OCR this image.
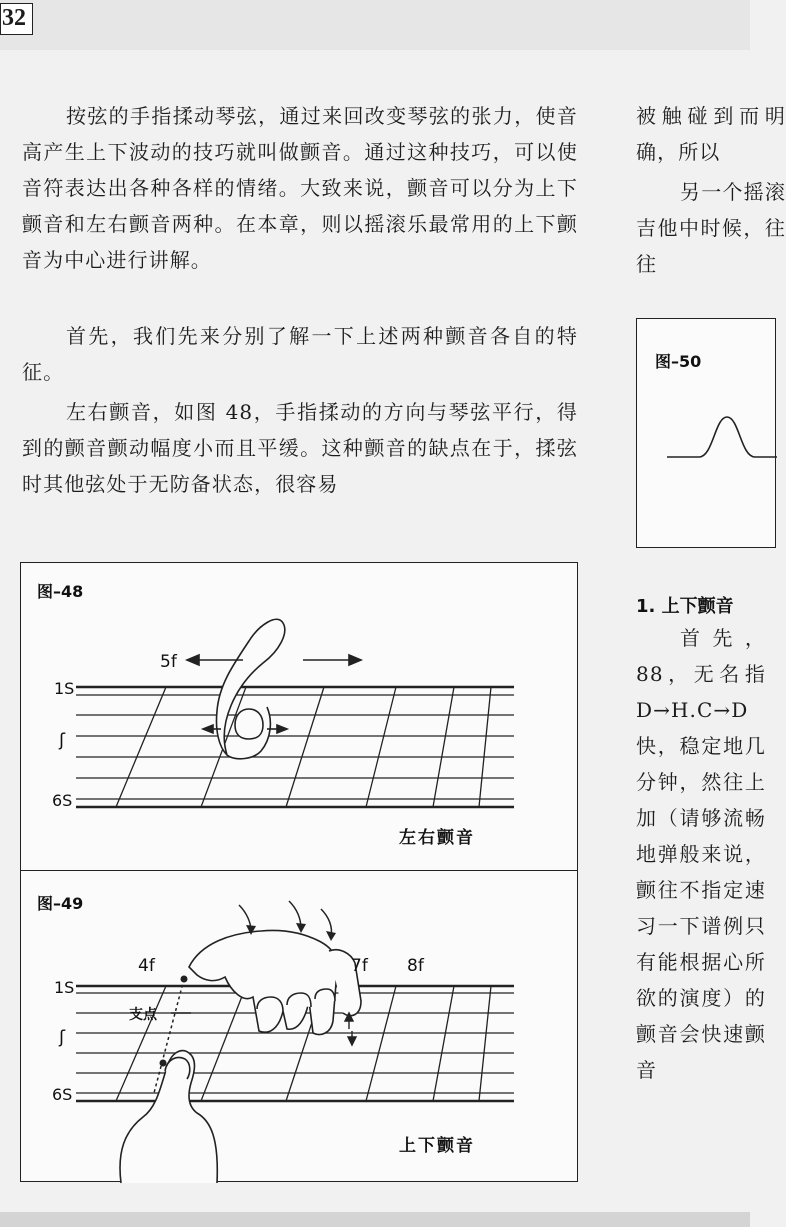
32

按弦的手指揉动琴弦，通过来回改变琴弦的张力，使音高产生上下波动的技巧就叫做颤音。通过这种技巧，可以使音符表达出各种各样的情绪。大致来说，颤音可以分为上下颤音和左右颤音两种。在本章，则以摇滚乐最常用的上下颤音为中心进行讲解。

首先，我们先来分别了解一下上述两种颤音各自的特征。

左右颤音，如图 48，手指揉动的方向与琴弦平行，得到的颤音颤动幅度小而且平缓。这种颤音的缺点在于，揉弦时其他弦处于无防备状态，很容易

被触碰到而明确，所以

另一个摇滚吉他中时候，往往

图–50
1. 上下颤音

首先，88，无名指D→H.C→D快，稳定地几分钟，然往上加（请够流畅地弹般来说，颤往不指定速习一下谱例只有能根据心所欲的演度）的颤音会快速颤音

图–48
左右颤音
5f
1S
ʃ
6S
图–49
上下颤音
4f	7f 8f
支点
1S
ʃ
6S
